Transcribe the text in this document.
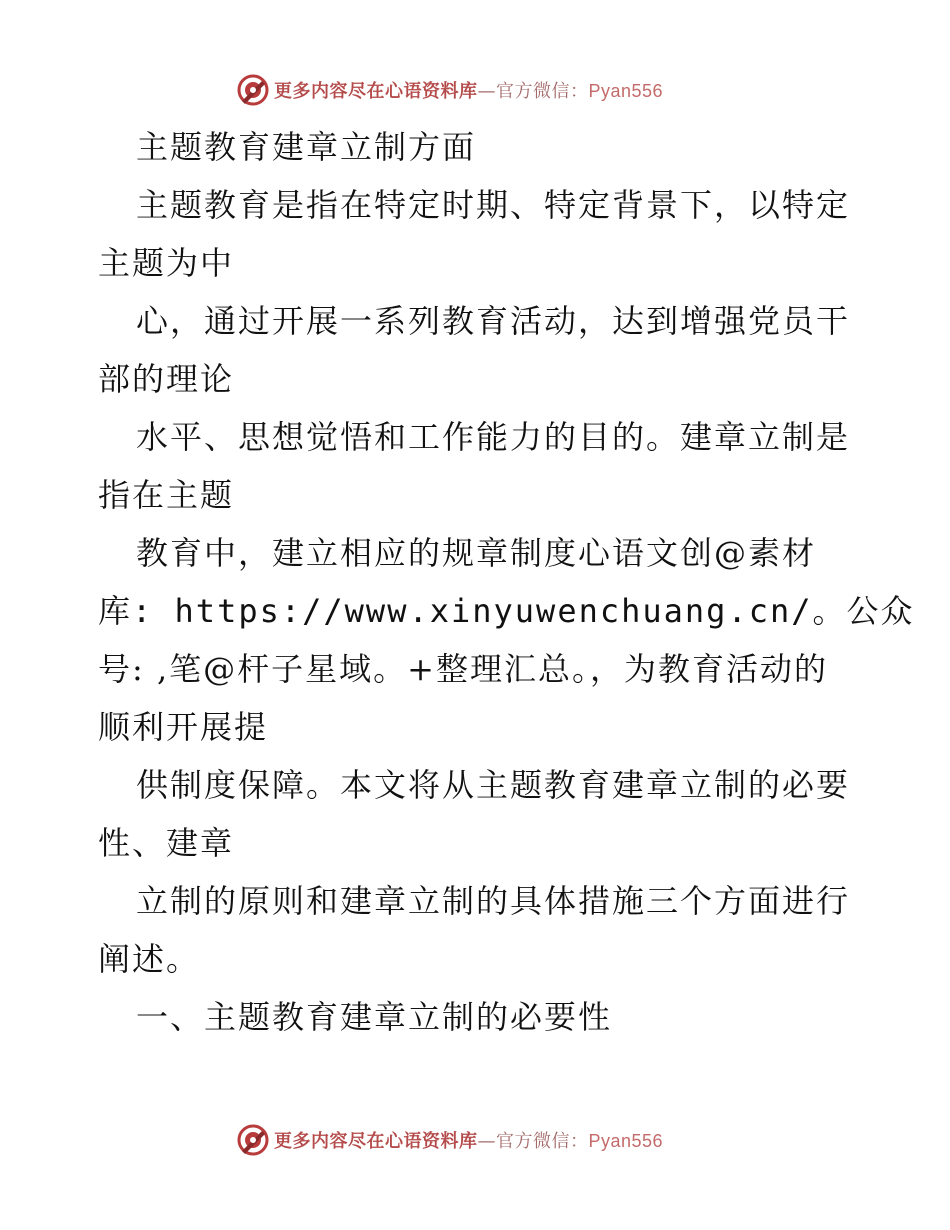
更多内容尽在心语资料库—官方微信：Pyan556
主题教育建章立制方面
主题教育是指在特定时期、特定背景下，以特定
主题为中
心，通过开展一系列教育活动，达到增强党员干
部的理论
水平、思想觉悟和工作能力的目的。建章立制是
指在主题
教育中，建立相应的规章制度心语文创@素材
库: https://www.xinyuwenchuang.cn/。公众
号: ,笔@杆子星域。+整理汇总。，为教育活动的
顺利开展提
供制度保障。本文将从主题教育建章立制的必要
性、建章
立制的原则和建章立制的具体措施三个方面进行
阐述。
一、主题教育建章立制的必要性
更多内容尽在心语资料库—官方微信：Pyan556
